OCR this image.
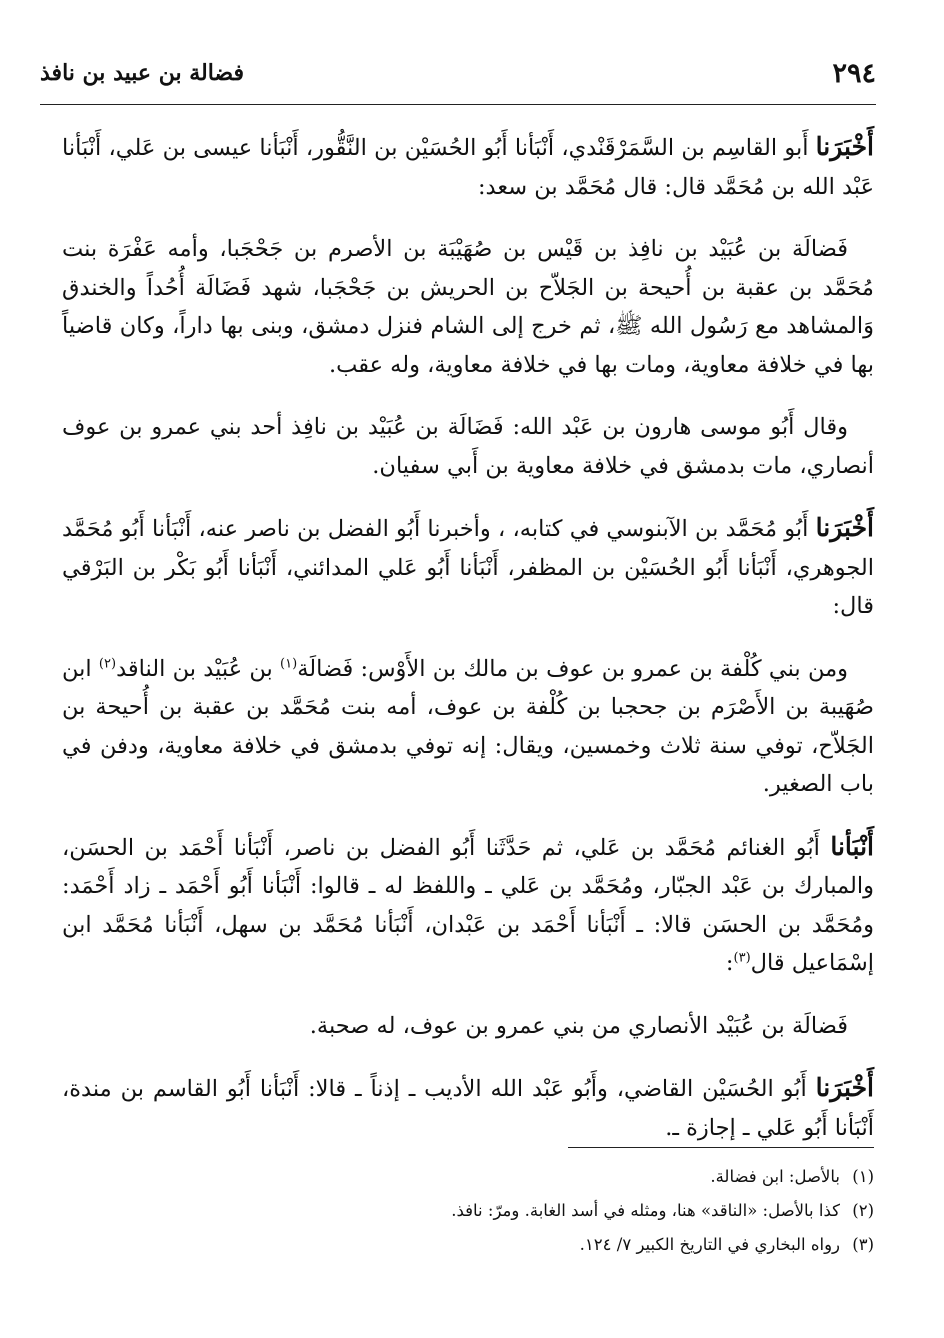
٢٩٤
فضالة بن عبيد بن نافذ

أَخْبَرَنا أَبو القاسِم بن السَّمَرْقَنْدي، أَنْبَأنا أَبُو الحُسَيْن بن النَّقُّور، أَنْبَأنا عيسى بن عَلي، أَنْبَأنا عَبْد الله بن مُحَمَّد قال: قال مُحَمَّد بن سعد:

فَضالَة بن عُبَيْد بن نافِذ بن قَيْس بن صُهَيْبَة بن الأصرم بن جَحْجَبا، وأمه عَفْرَة بنت مُحَمَّد بن عقبة بن أُحيحة بن الجَلاّح بن الحريش بن جَحْجَبا، شهد فَضَالَة أُحُداً والخندق وَالمشاهد مع رَسُول الله ﷺ، ثم خرج إلى الشام فنزل دمشق، وبنى بها داراً، وكان قاضياً بها في خلافة معاوية، ومات بها في خلافة معاوية، وله عقب.

وقال أَبُو موسى هارون بن عَبْد الله: فَضَالَة بن عُبَيْد بن نافِذ أحد بني عمرو بن عوف أنصاري، مات بدمشق في خلافة معاوية بن أَبي سفيان.

أَخْبَرَنا أَبُو مُحَمَّد بن الآبنوسي في كتابه، ، وأخبرنا أَبُو الفضل بن ناصر عنه، أَنْبَأنا أَبُو مُحَمَّد الجوهري، أَنْبَأنا أَبُو الحُسَيْن بن المظفر، أَنْبَأنا أَبُو عَلي المدائني، أَنْبَأنا أَبُو بَكْر بن البَرْقي قال:

ومن بني كُلْفة بن عمرو بن عوف بن مالك بن الأَوْس: فَضالَة$^{(١)}$ بن عُبَيْد بن الناقد$^{(٢)}$ ابن صُهَيبة بن الأَصْرَم بن جحجبا بن كُلْفة بن عوف، أمه بنت مُحَمَّد بن عقبة بن أُحيحة بن الجَلاّح، توفي سنة ثلاث وخمسين، ويقال: إنه توفي بدمشق في خلافة معاوية، ودفن في باب الصغير.

أَنْبَأنا أَبُو الغنائم مُحَمَّد بن عَلي، ثم حَدَّثَنا أَبُو الفضل بن ناصر، أَنْبَأنا أَحْمَد بن الحسَن، والمبارك بن عَبْد الجبّار، ومُحَمَّد بن عَلي ـ واللفظ له ـ قالوا: أَنْبَأنا أَبُو أَحْمَد ـ زاد أَحْمَد: ومُحَمَّد بن الحسَن قالا: ـ أَنْبَأنا أَحْمَد بن عَبْدان، أَنْبَأنا مُحَمَّد بن سهل، أَنْبَأنا مُحَمَّد ابن إسْمَاعيل قال$^{(٣)}$:

فَضالَة بن عُبَيْد الأنصاري من بني عمرو بن عوف، له صحبة.

أَخْبَرَنا أَبُو الحُسَيْن القاضي، وأَبُو عَبْد الله الأديب ـ إذناً ـ قالا: أَنْبَأنا أَبُو القاسم بن مندة، أَنْبَأنا أَبُو عَلي ـ إجازة ـ.

(١)بالأصل: ابن فضالة.

(٢)كذا بالأصل: «الناقد» هنا، ومثله في أسد الغابة. ومرّ: نافذ.

(٣)رواه البخاري في التاريخ الكبير ٧/ ١٢٤.
